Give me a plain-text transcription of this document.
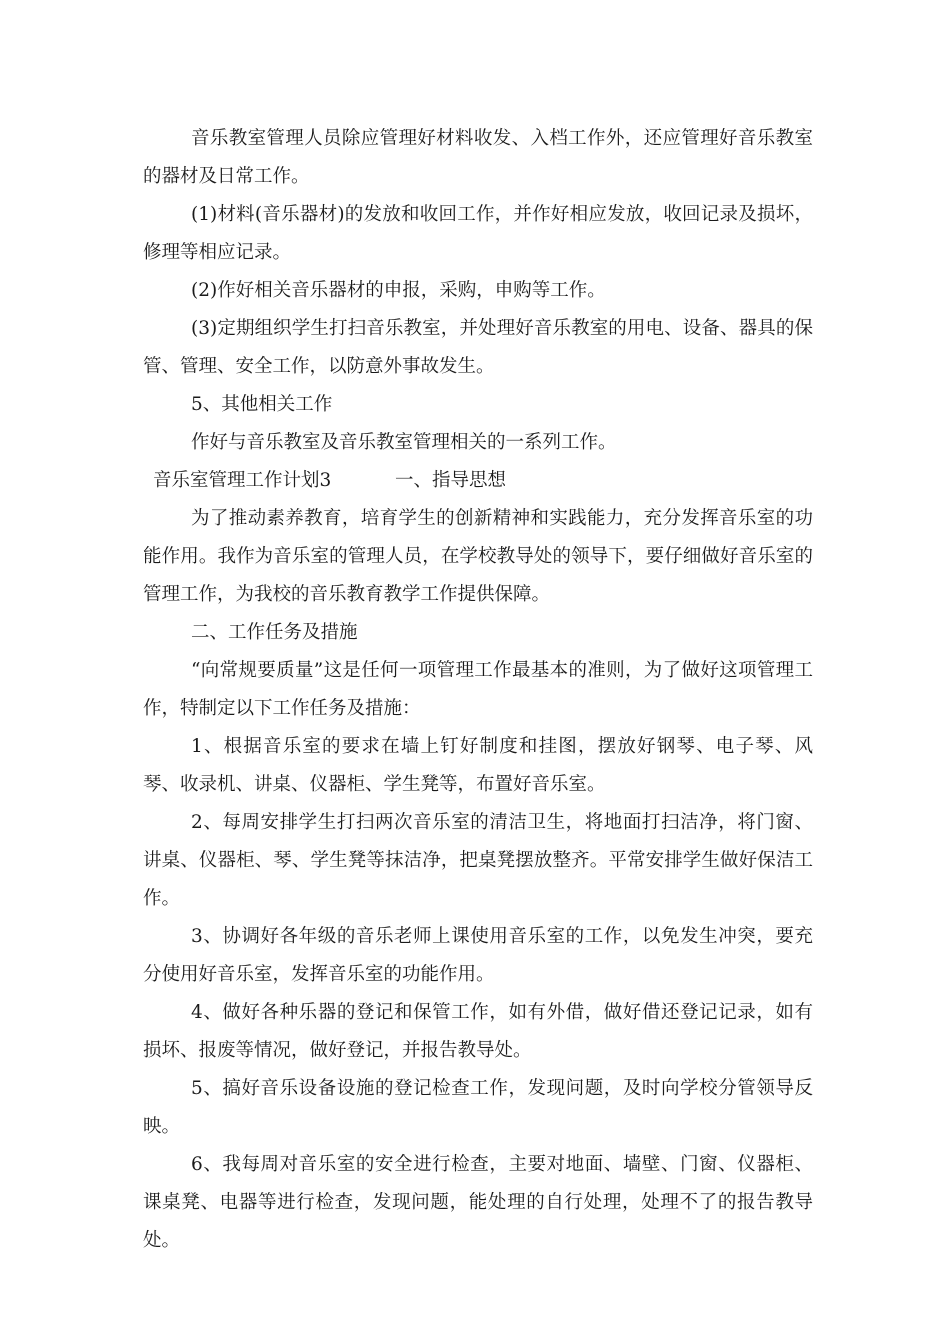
音乐教室管理人员除应管理好材料收发、入档工作外，还应管理好音乐教室的器材及日常工作。

(1)材料(音乐器材)的发放和收回工作，并作好相应发放，收回记录及损坏，修理等相应记录。

(2)作好相关音乐器材的申报，采购，申购等工作。

(3)定期组织学生打扫音乐教室，并处理好音乐教室的用电、设备、器具的保管、管理、安全工作，以防意外事故发生。

5、其他相关工作

作好与音乐教室及音乐教室管理相关的一系列工作。

音乐室管理工作计划3	一、指导思想

为了推动素养教育，培育学生的创新精神和实践能力，充分发挥音乐室的功能作用。我作为音乐室的管理人员，在学校教导处的领导下，要仔细做好音乐室的管理工作，为我校的音乐教育教学工作提供保障。

二、工作任务及措施

“向常规要质量”这是任何一项管理工作最基本的准则，为了做好这项管理工作，特制定以下工作任务及措施：

1、根据音乐室的要求在墙上钉好制度和挂图，摆放好钢琴、电子琴、风琴、收录机、讲桌、仪器柜、学生凳等，布置好音乐室。

2、每周安排学生打扫两次音乐室的清洁卫生，将地面打扫洁净，将门窗、讲桌、仪器柜、琴、学生凳等抹洁净，把桌凳摆放整齐。平常安排学生做好保洁工作。

3、协调好各年级的音乐老师上课使用音乐室的工作，以免发生冲突，要充分使用好音乐室，发挥音乐室的功能作用。

4、做好各种乐器的登记和保管工作，如有外借，做好借还登记记录，如有损坏、报废等情况，做好登记，并报告教导处。

5、搞好音乐设备设施的登记检查工作，发现问题，及时向学校分管领导反映。

6、我每周对音乐室的安全进行检查，主要对地面、墙壁、门窗、仪器柜、课桌凳、电器等进行检查，发现问题，能处理的自行处理，处理不了的报告教导处。
